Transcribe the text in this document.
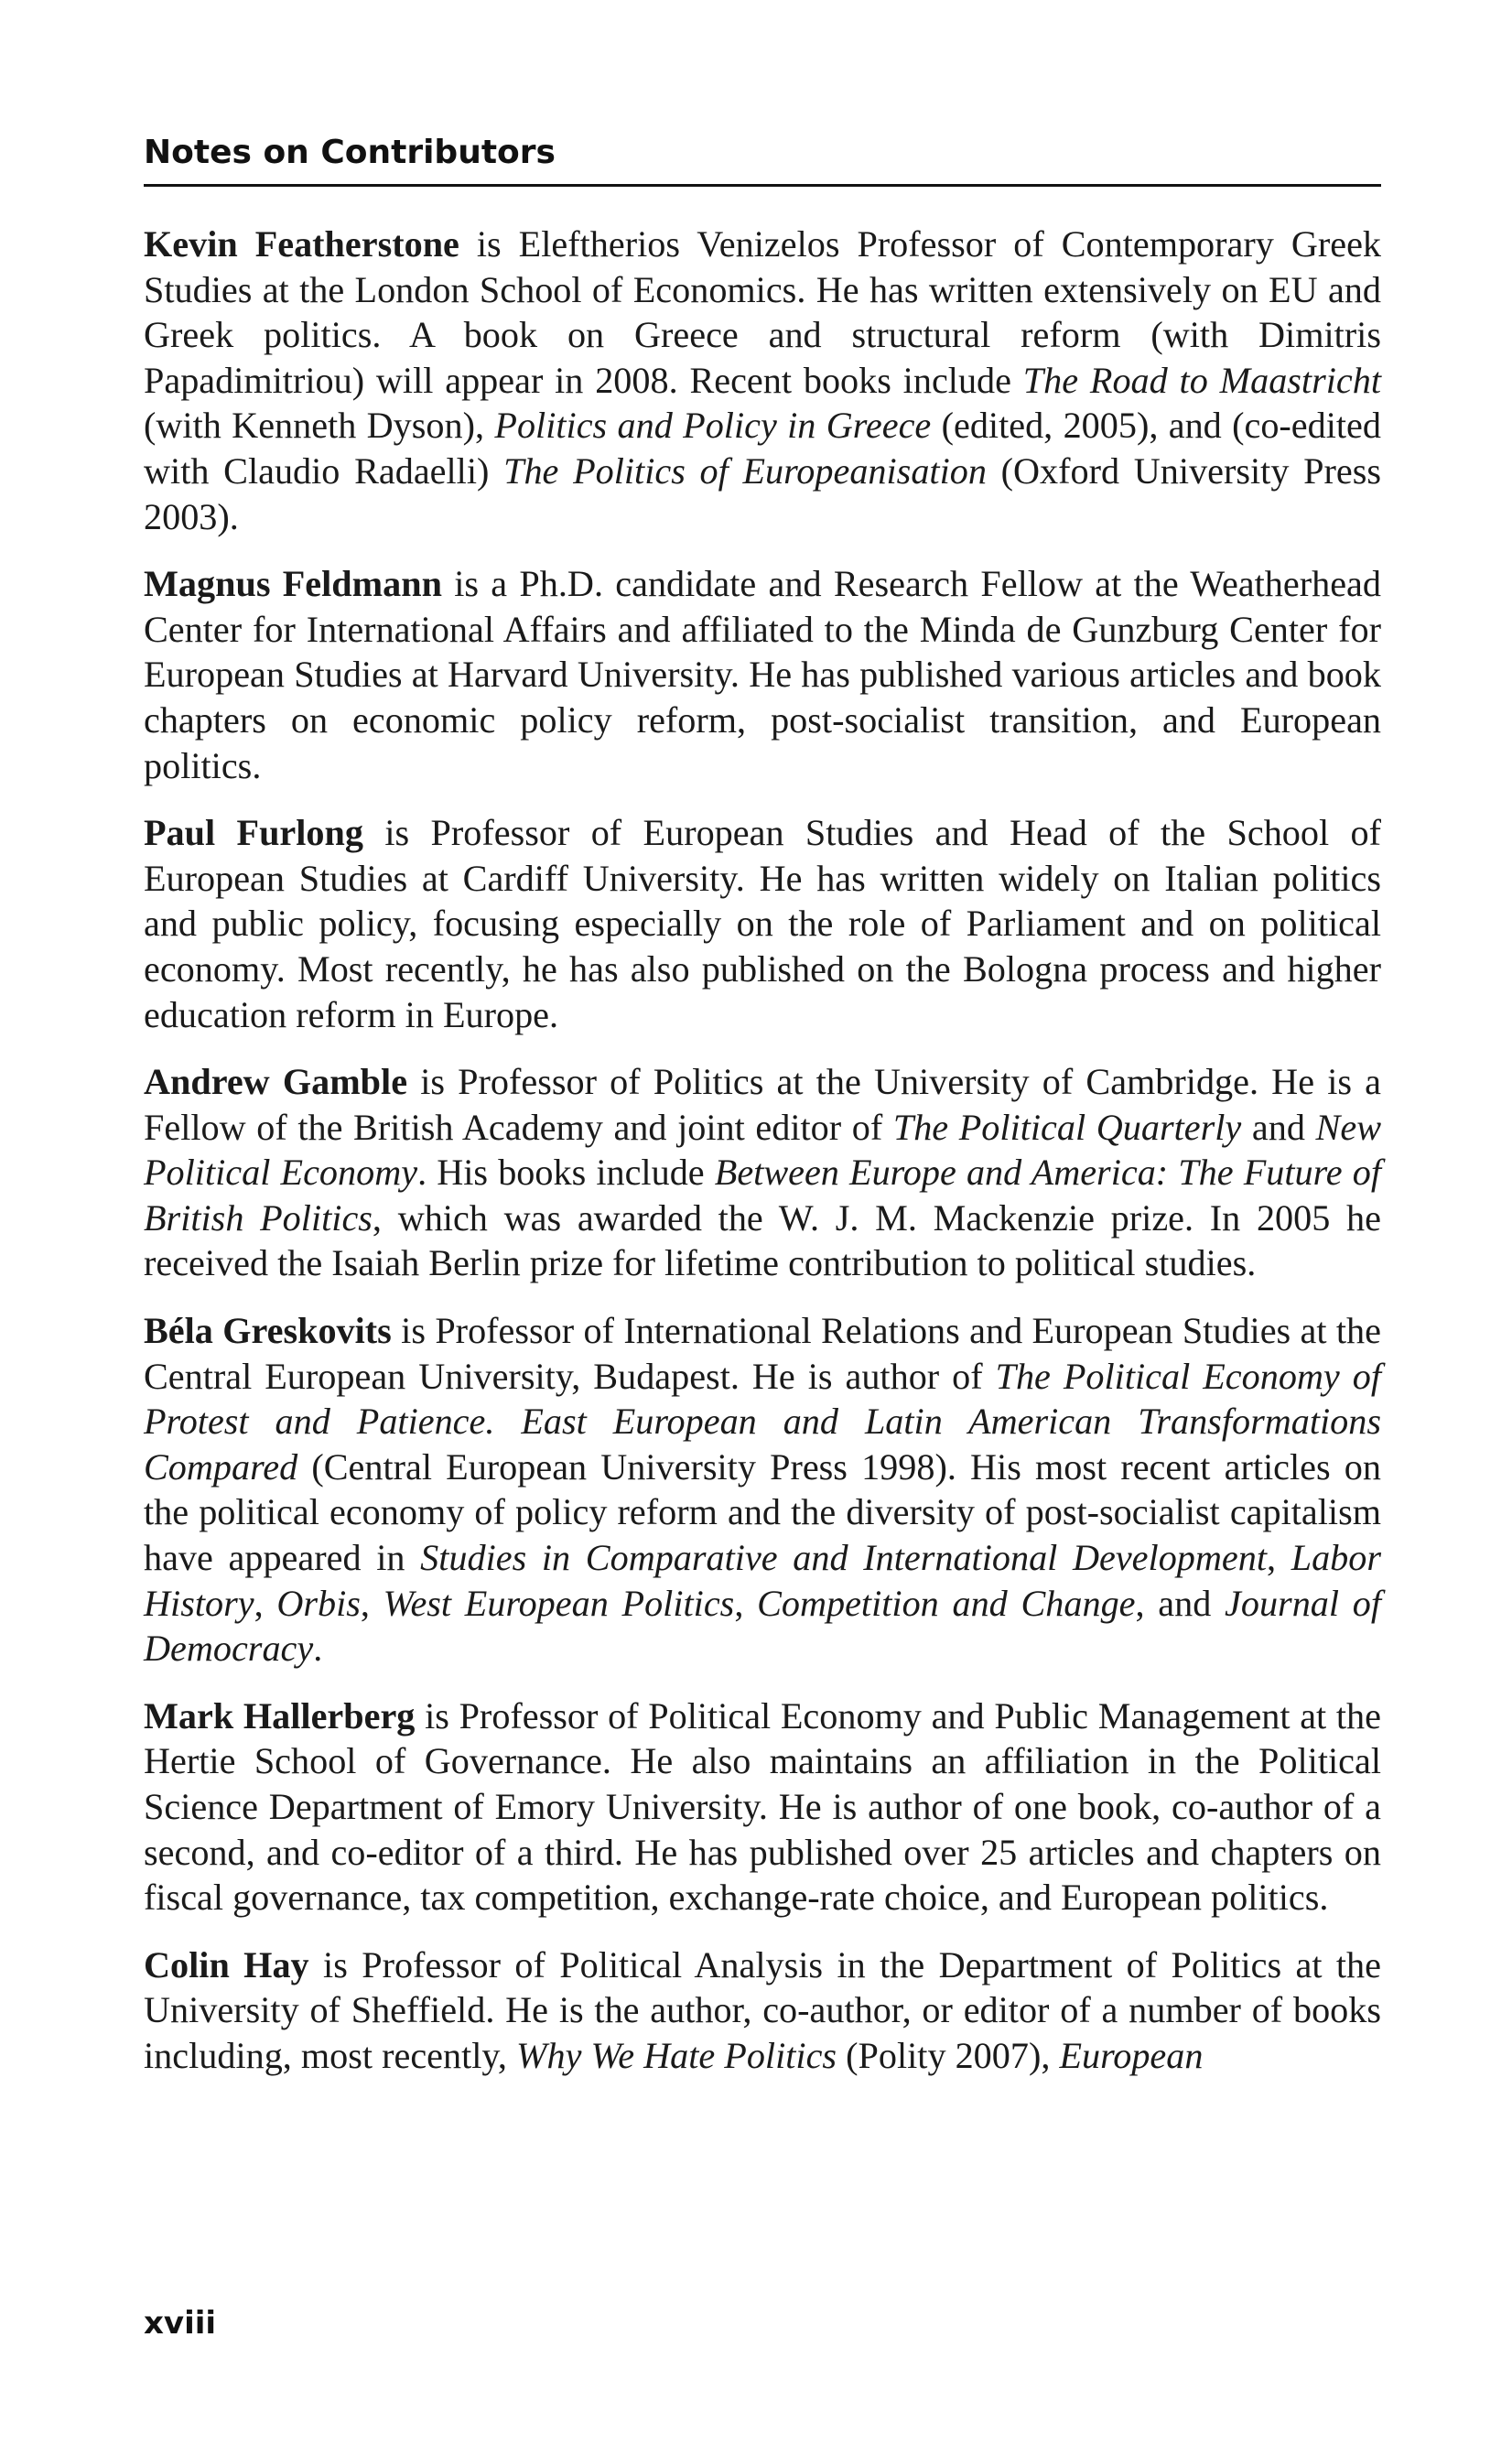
Notes on Contributors

Kevin Featherstone is Eleftherios Venizelos Professor of Contemporary Greek Studies at the London School of Economics. He has written extensively on EU and Greek politics. A book on Greece and structural reform (with Dimitris Papadimitriou) will appear in 2008. Recent books include The Road to Maastricht (with Kenneth Dyson), Politics and Policy in Greece (edited, 2005), and (co-edited with Claudio Radaelli) The Politics of Europeanisation (Oxford University Press 2003).

Magnus Feldmann is a Ph.D. candidate and Research Fellow at the Weatherhead Center for International Affairs and affiliated to the Minda de Gunzburg Center for European Studies at Harvard University. He has published various articles and book chapters on economic policy reform, post-socialist transition, and European politics.

Paul Furlong is Professor of European Studies and Head of the School of European Studies at Cardiff University. He has written widely on Italian politics and public policy, focusing especially on the role of Parliament and on political economy. Most recently, he has also published on the Bologna process and higher education reform in Europe.

Andrew Gamble is Professor of Politics at the University of Cambridge. He is a Fellow of the British Academy and joint editor of The Political Quarterly and New Political Economy. His books include Between Europe and America: The Future of British Politics, which was awarded the W. J. M. Mackenzie prize. In 2005 he received the Isaiah Berlin prize for lifetime contribution to political studies.

Béla Greskovits is Professor of International Relations and European Studies at the Central European University, Budapest. He is author of The Political Economy of Protest and Patience. East European and Latin American Transformations Compared (Central European University Press 1998). His most recent articles on the political economy of policy reform and the diversity of post-socialist capitalism have appeared in Studies in Comparative and International Development, Labor History, Orbis, West European Politics, Competition and Change, and Journal of Democracy.

Mark Hallerberg is Professor of Political Economy and Public Management at the Hertie School of Governance. He also maintains an affiliation in the Political Science Department of Emory University. He is author of one book, co-author of a second, and co-editor of a third. He has published over 25 articles and chapters on fiscal governance, tax competition, exchange-rate choice, and European politics.

Colin Hay is Professor of Political Analysis in the Department of Politics at the University of Sheffield. He is the author, co-author, or editor of a number of books including, most recently, Why We Hate Politics (Polity 2007), European

xviii
